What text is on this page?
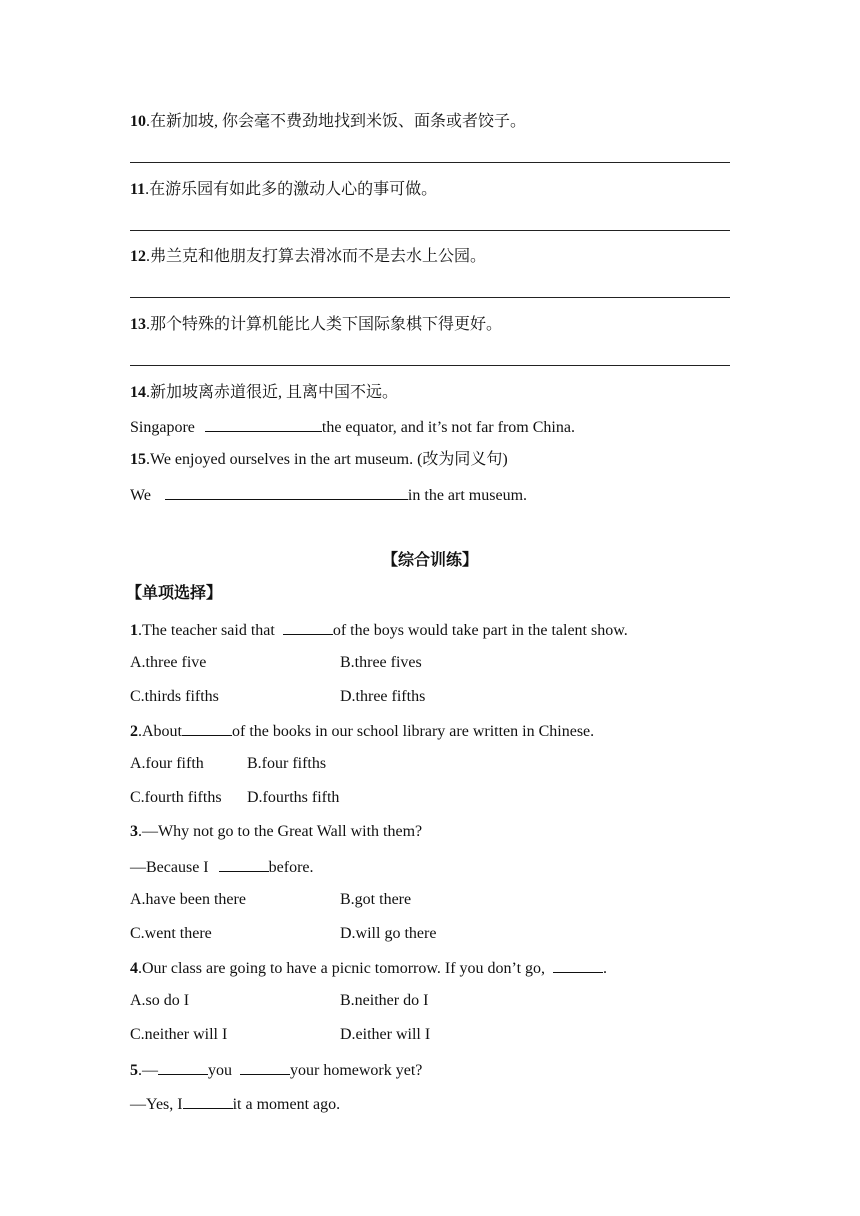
10.在新加坡, 你会毫不费劲地找到米饭、面条或者饺子。
11.在游乐园有如此多的激动人心的事可做。
12.弗兰克和他朋友打算去滑冰而不是去水上公园。
13.那个特殊的计算机能比人类下国际象棋下得更好。
14.新加坡离赤道很近, 且离中国不远。
Singapore	the equator, and it’s not far from China.
15.We enjoyed ourselves in the art museum. (改为同义句)
We	in the art museum.
【综合训练】
【单项选择】
1.The teacher said that	of the boys would take part in the talent show.
A.three five	B.three fives
C.thirds fifths	D.three fifths
2.About	of the books in our school library are written in Chinese.
A.four fifth	B.four fifths
C.fourth fifths D.fourths fifth
3.—Why not go to the Great Wall with them?
—Because I	before.
A.have been there	B.got there
C.went there	D.will go there
4.Our class are going to have a picnic tomorrow. If you don’t go,	.
A.so do I	B.neither do I
C.neither will I	D.either will I
5.—	you	your homework yet?
—Yes, I	it a moment ago.
